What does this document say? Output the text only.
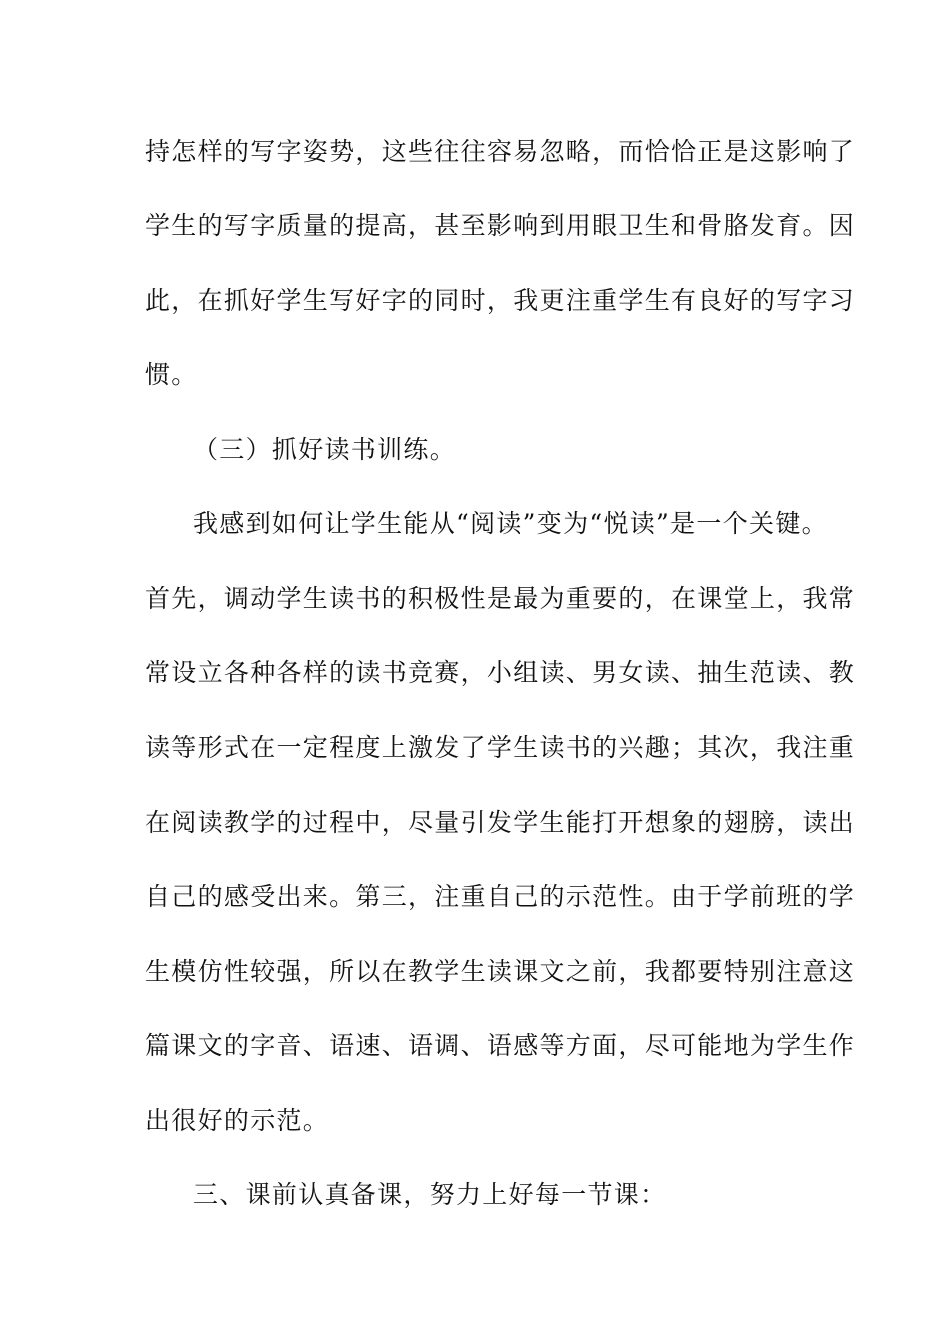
持怎样的写字姿势，这些往往容易忽略，而恰恰正是这影响了
学生的写字质量的提高，甚至影响到用眼卫生和骨胳发育。因
此，在抓好学生写好字的同时，我更注重学生有良好的写字习
惯。
（三）抓好读书训练。
我感到如何让学生能从“阅读”变为“悦读”是一个关键。
首先，调动学生读书的积极性是最为重要的，在课堂上，我常
常设立各种各样的读书竞赛，小组读、男女读、抽生范读、教
读等形式在一定程度上激发了学生读书的兴趣；其次，我注重
在阅读教学的过程中，尽量引发学生能打开想象的翅膀，读出
自己的感受出来。第三，注重自己的示范性。由于学前班的学
生模仿性较强，所以在教学生读课文之前，我都要特别注意这
篇课文的字音、语速、语调、语感等方面，尽可能地为学生作
出很好的示范。
三、课前认真备课，努力上好每一节课：
